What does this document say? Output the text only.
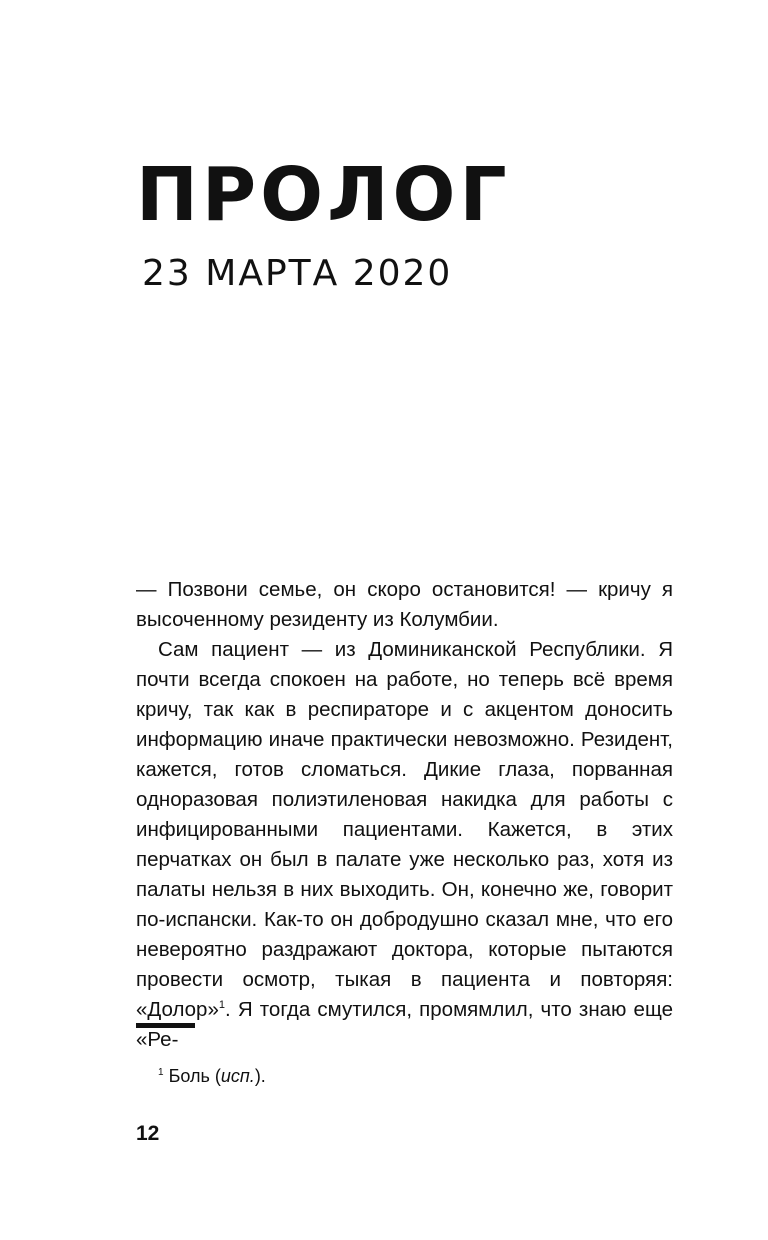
ПРОЛОГ
23 МАРТА 2020

— Позвони семье, он скоро остановится! — кричу я высоченному резиденту из Колумбии.

Сам пациент — из Доминиканской Республики. Я почти всегда спокоен на работе, но теперь всё время кричу, так как в респираторе и с акцентом доносить информацию иначе практически невозможно. Резидент, кажется, готов сломаться. Дикие глаза, порванная одноразовая полиэтиленовая накидка для работы с инфицированными пациентами. Кажется, в этих перчатках он был в палате уже несколько раз, хотя из палаты нельзя в них выходить. Он, конечно же, говорит по-испански. Как-то он добродушно сказал мне, что его невероятно раздражают доктора, которые пытаются провести осмотр, тыкая в пациента и повторяя: «Долор»$^1$. Я тогда смутился, промямлил, что знаю еще «Ре-

$^1$ Боль (исп.).
12
